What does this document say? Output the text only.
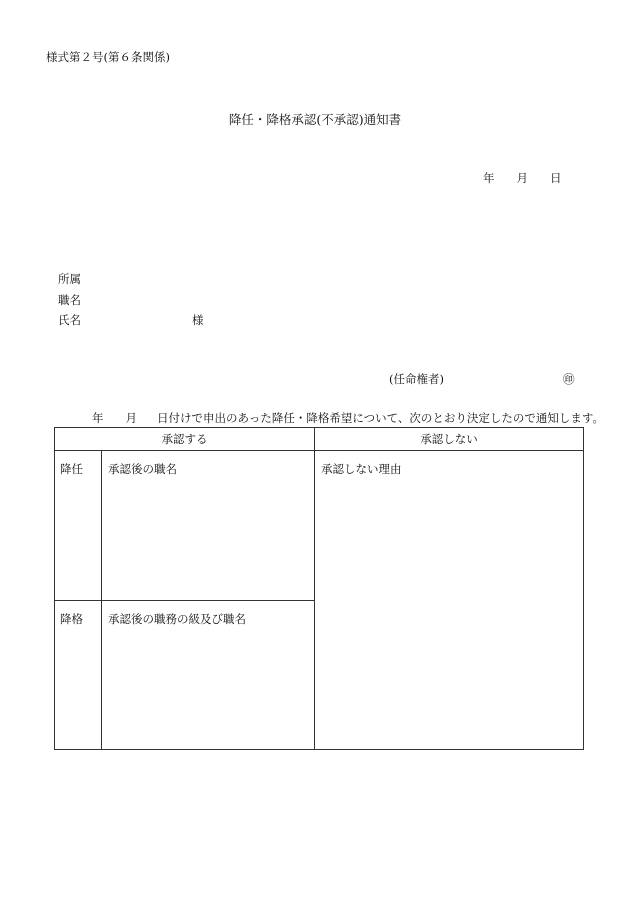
様式第２号(第６条関係)
降任・降格承認(不承認)通知書
年 月 日
所属
職名
氏名	様
(任命権者)	㊞
年 月 日付けで申出のあった降任・降格希望について、次のとおり決定したので通知します。
承認する		承認しない
降任	承認後の職名	承認しない理由
降格	承認後の職務の級及び職名	
